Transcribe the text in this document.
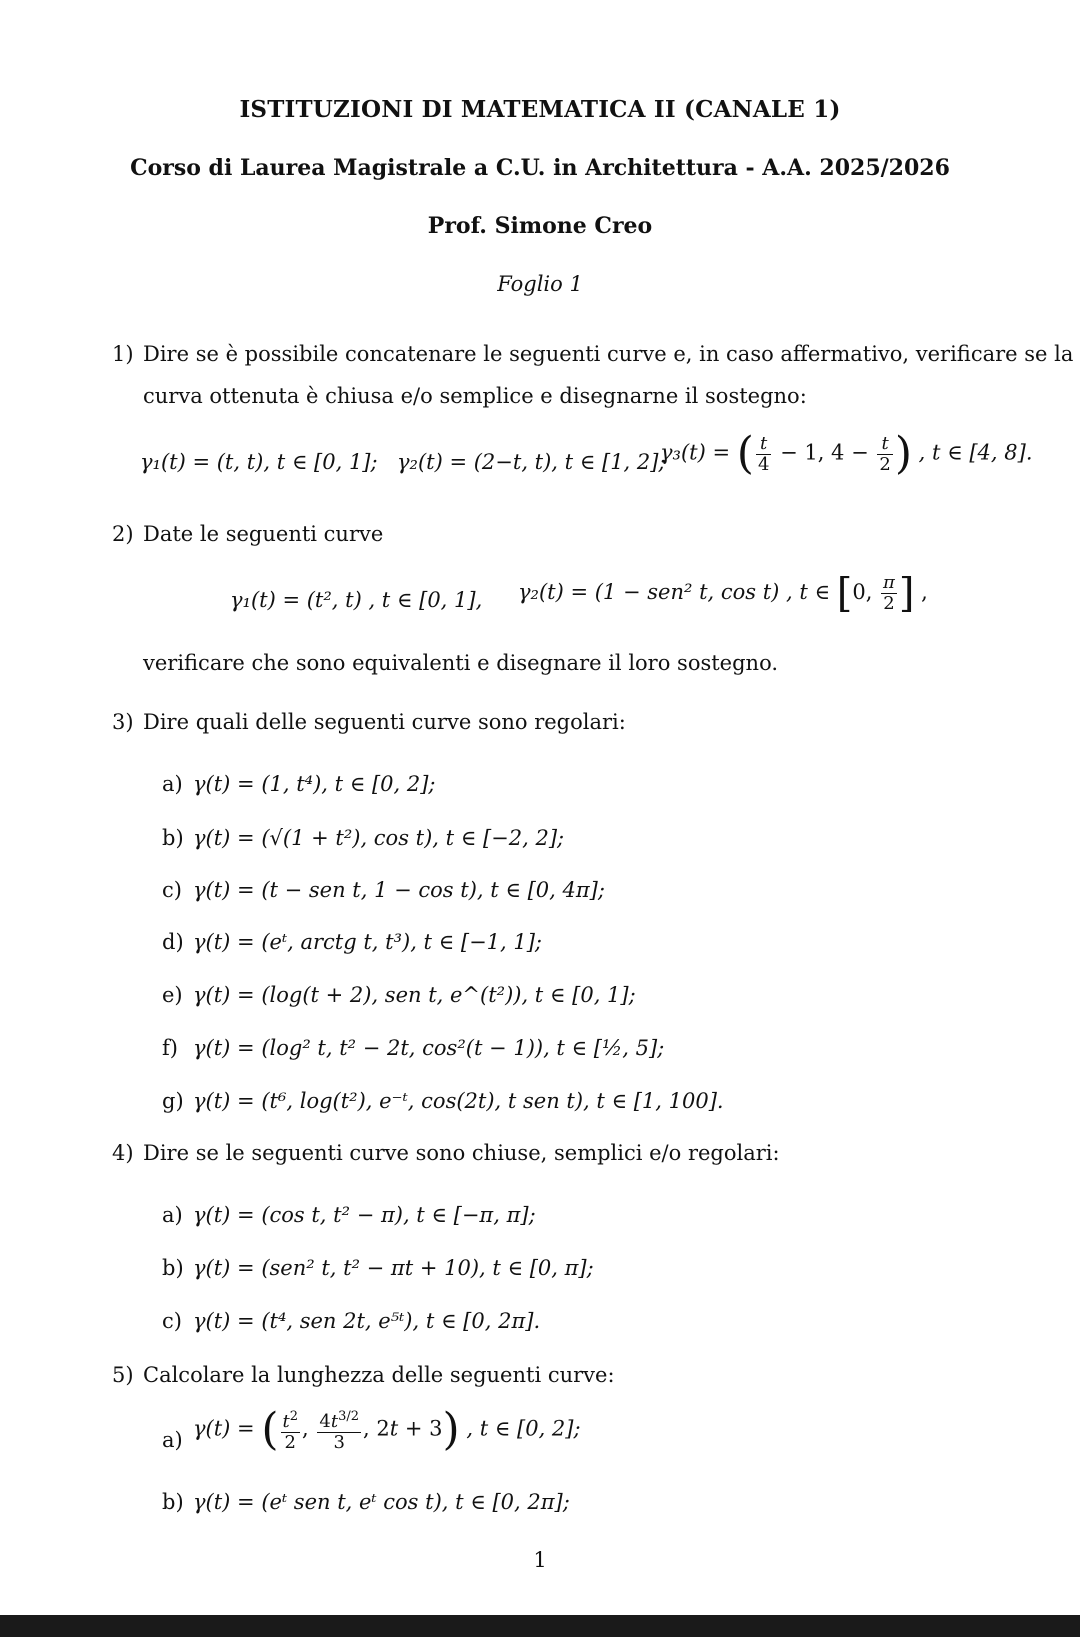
ISTITUZIONI DI MATEMATICA II (CANALE 1)
Corso di Laurea Magistrale a C.U. in Architettura - A.A. 2025/2026
Prof. Simone Creo
Foglio 1
1) Dire se è possibile concatenare le seguenti curve e, in caso affermativo, verificare se la
curva ottenuta è chiusa e/o semplice e disegnarne il sostegno:
γ₁(t) = (t, t), t ∈ [0, 1]; γ₂(t) = (2−t, t), t ∈ [1, 2];
γ₃(t) = ( $\frac{t}{4} - 1$, $4 - \frac{t}{2}$ ) , t ∈ [4, 8].
2) Date le seguenti curve
γ₁(t) = (t², t) , t ∈ [0, 1], γ₂(t) = (1 − sen² t, cos t) , t ∈ [0, $\frac{\pi}{2}$ ] ,
verificare che sono equivalenti e disegnare il loro sostegno.
3) Dire quali delle seguenti curve sono regolari:
a) γ(t) = (1, t⁴), t ∈ [0, 2];
b) γ(t) = (√(1 + t²), cos t), t ∈ [−2, 2];
c) γ(t) = (t − sen t, 1 − cos t), t ∈ [0, 4π];
d) γ(t) = (eᵗ, arctg t, t³), t ∈ [−1, 1];
e) γ(t) = (log(t + 2), sen t, e^(t²)), t ∈ [0, 1];
f) γ(t) = (log² t, t² − 2t, cos²(t − 1)), t ∈ [½, 5];
g) γ(t) = (t⁶, log(t²), e⁻ᵗ, cos(2t), t sen t), t ∈ [1, 100].
4) Dire se le seguenti curve sono chiuse, semplici e/o regolari:
a) γ(t) = (cos t, t² − π), t ∈ [−π, π];
b) γ(t) = (sen² t, t² − πt + 10), t ∈ [0, π];
c) γ(t) = (t⁴, sen 2t, e⁵ᵗ), t ∈ [0, 2π].
5) Calcolare la lunghezza delle seguenti curve:
a) γ(t) = ( $\frac{t^2}{2}$ , $\frac{4t^{3/2}}{3}$ , 2t + 3) , t ∈ [0, 2];
b) γ(t) = (eᵗ sen t, eᵗ cos t), t ∈ [0, 2π];
1
